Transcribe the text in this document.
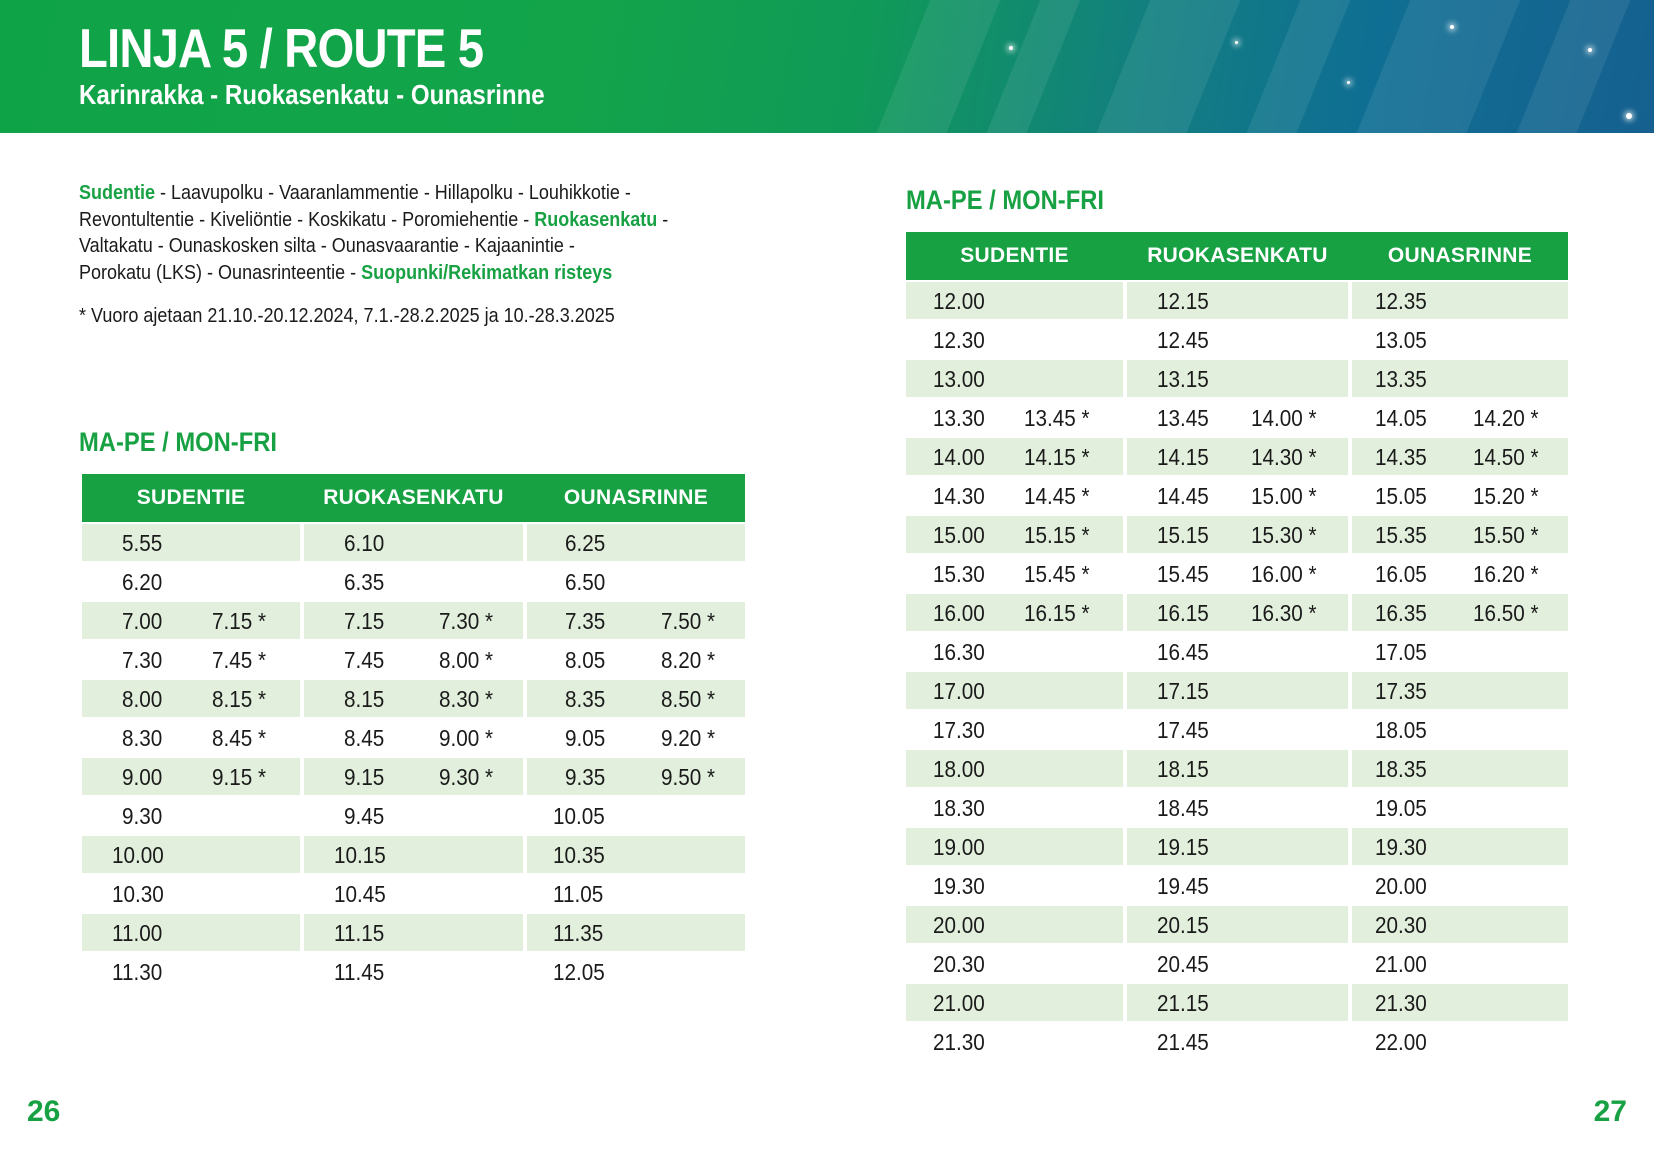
LINJA 5 / ROUTE 5
Karinrakka - Ruokasenkatu - Ounasrinne
Sudentie - Laavupolku - Vaaranlammentie - Hillapolku - Louhikkotie -
Revontultentie - Kiveliöntie - Koskikatu - Poromiehentie - Ruokasenkatu -
Valtakatu - Ounaskosken silta - Ounasvaarantie - Kajaanintie -
Porokatu (LKS) - Ounasrinteentie - Suopunki/Rekimatkan risteys
* Vuoro ajetaan 21.10.-20.12.2024, 7.1.-28.2.2025 ja 10.-28.3.2025
MA-PE / MON-FRI
SUDENTIE	RUOKASENKATU	OUNASRINNE
5.55	6.10	6.25
6.20	6.35	6.50
7.00 7.15 *	7.15 7.30 *	7.35 7.50 *
7.30 7.45 *	7.45 8.00 *	8.05 8.20 *
8.00 8.15 *	8.15 8.30 *	8.35 8.50 *
8.30 8.45 *	8.45 9.00 *	9.05 9.20 *
9.00 9.15 *	9.15 9.30 *	9.35 9.50 *
9.30	9.45	10.05
10.00	10.15	10.35
10.30	10.45	11.05
11.00	11.15	11.35
11.30	11.45	12.05
MA-PE / MON-FRI
SUDENTIE	RUOKASENKATU	OUNASRINNE
12.00	12.15	12.35
12.30	12.45	13.05
13.00	13.15	13.35
13.30 13.45 *	13.45 14.00 *	14.05 14.20 *
14.00 14.15 *	14.15 14.30 *	14.35 14.50 *
14.30 14.45 *	14.45 15.00 *	15.05 15.20 *
15.00 15.15 *	15.15 15.30 *	15.35 15.50 *
15.30 15.45 *	15.45 16.00 *	16.05 16.20 *
16.00 16.15 *	16.15 16.30 *	16.35 16.50 *
16.30	16.45	17.05
17.00	17.15	17.35
17.30	17.45	18.05
18.00	18.15	18.35
18.30	18.45	19.05
19.00	19.15	19.30
19.30	19.45	20.00
20.00	20.15	20.30
20.30	20.45	21.00
21.00	21.15	21.30
21.30	21.45	22.00
26	27
